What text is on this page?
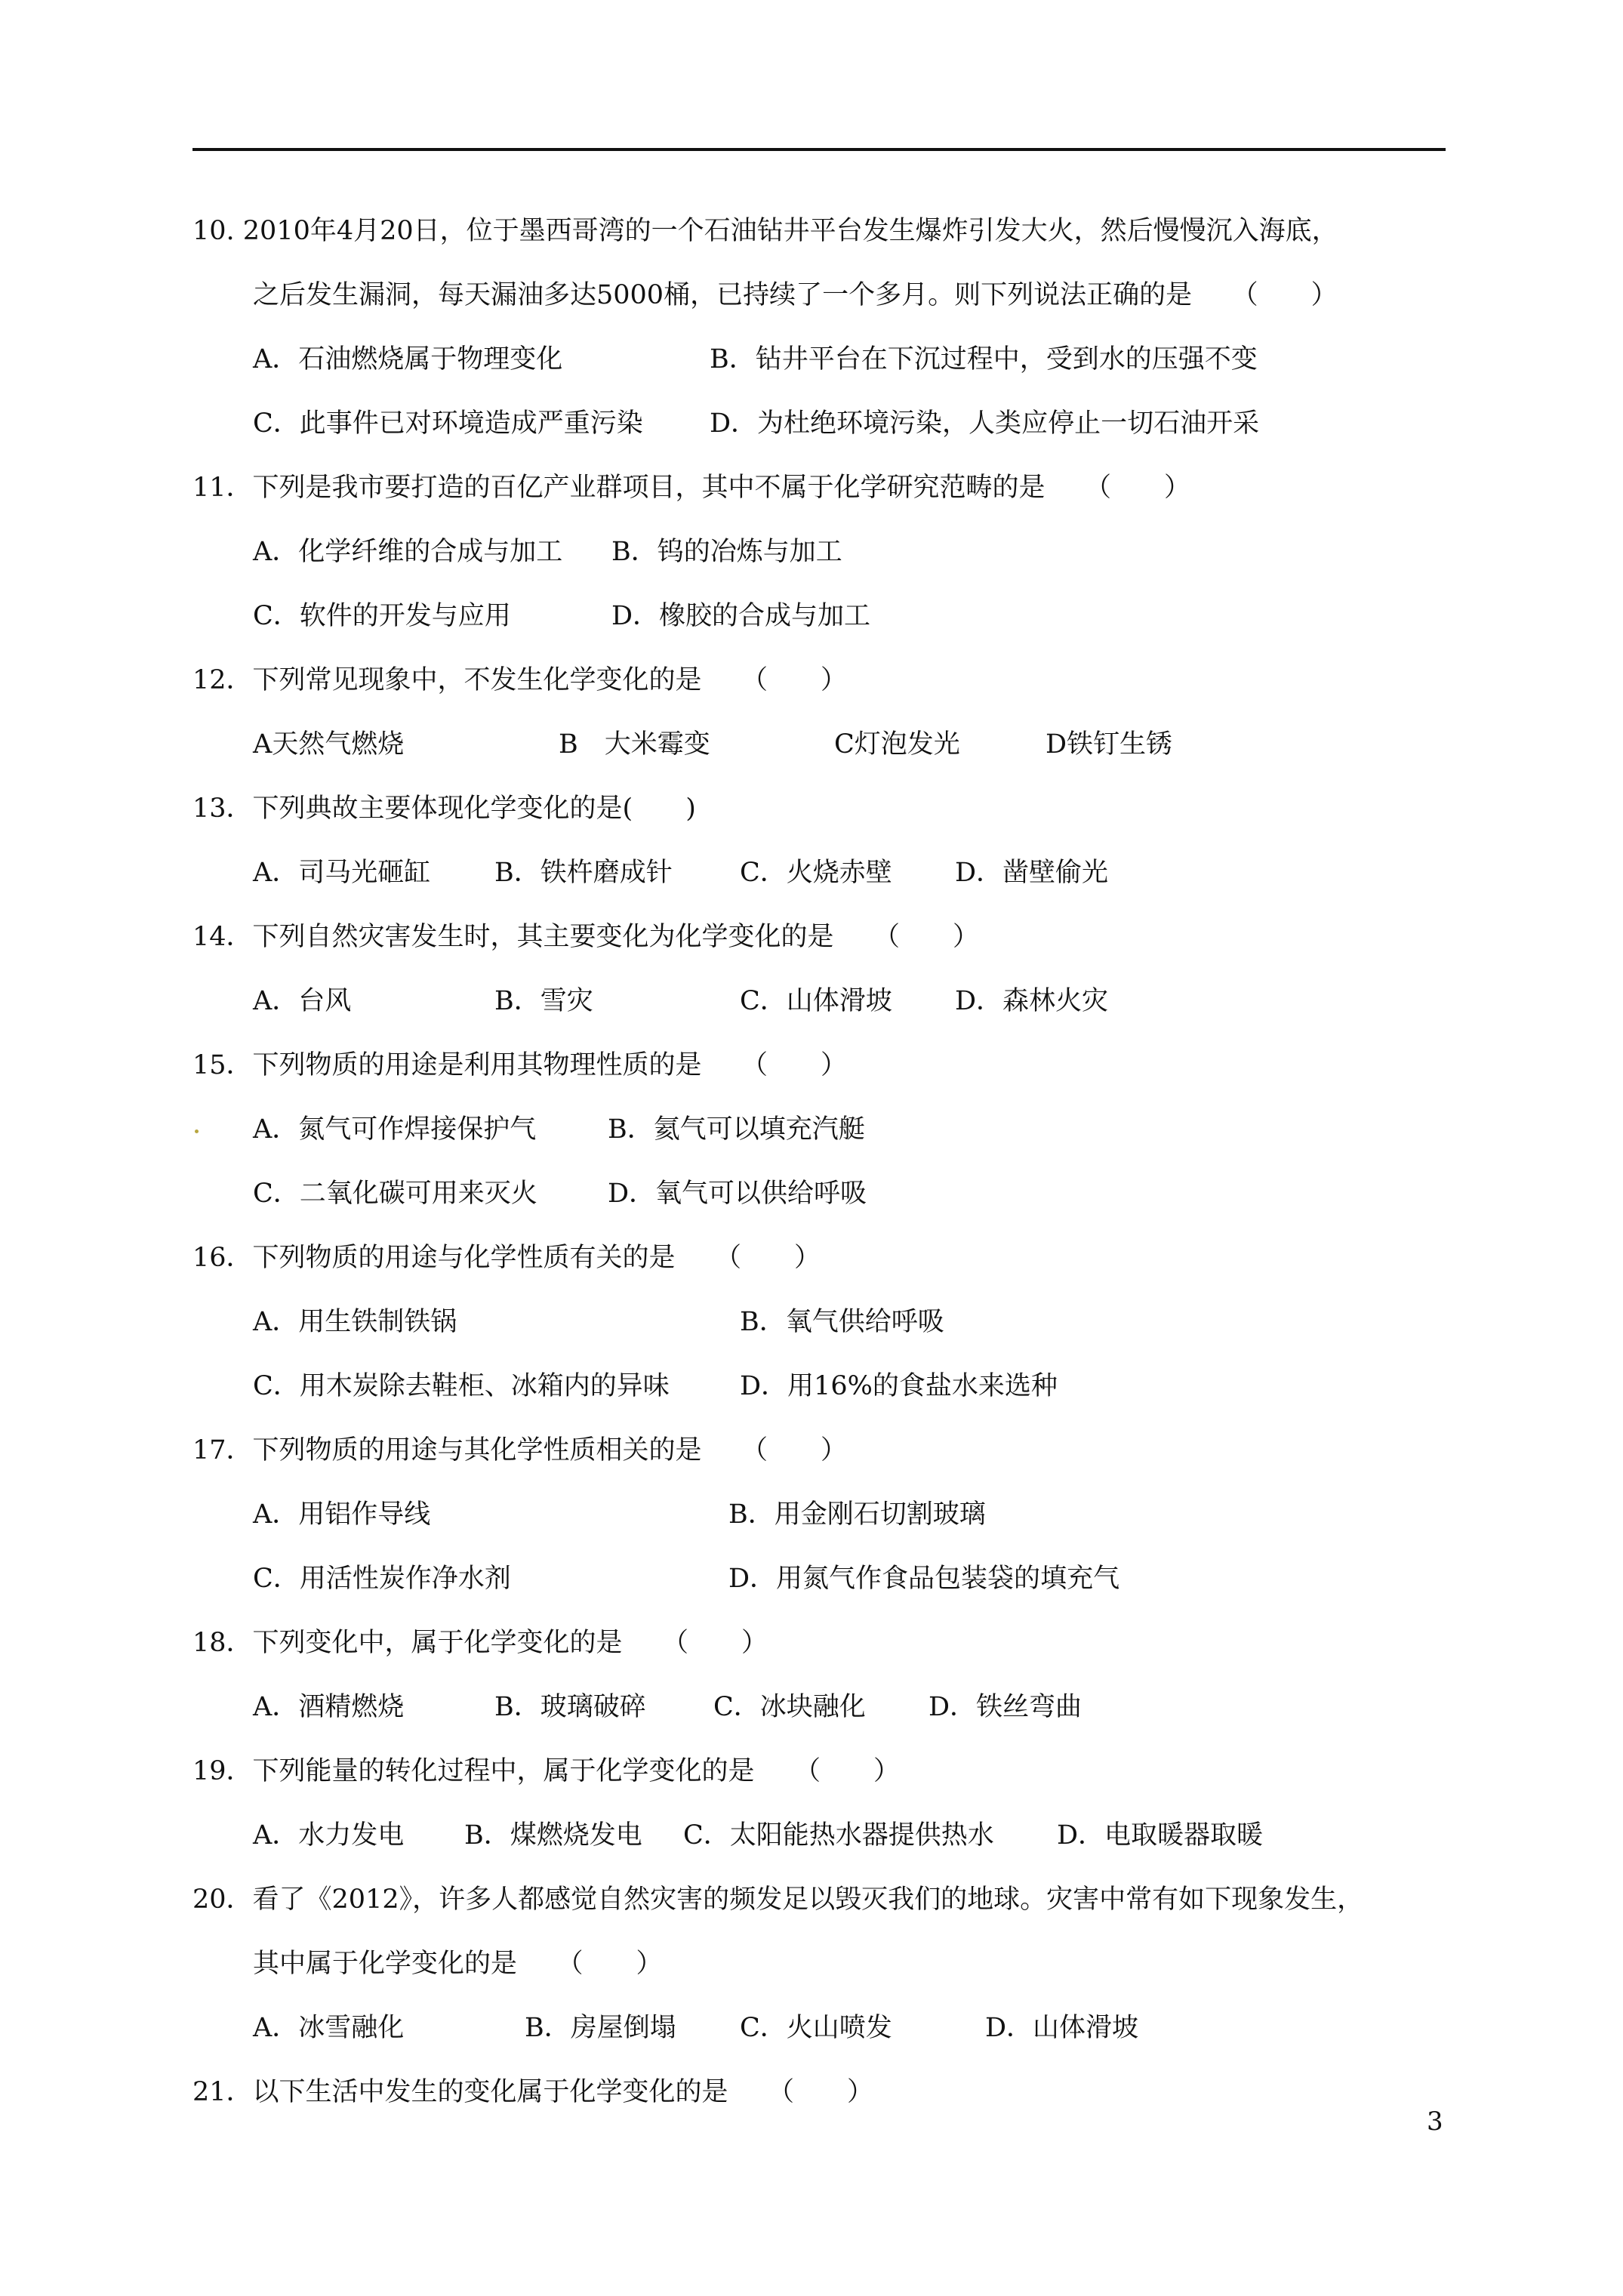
10. 2010年4月20日，位于墨西哥湾的一个石油钻井平台发生爆炸引发大火，然后慢慢沉入海底，
之后发生漏洞，每天漏油多达5000桶，已持续了一个多月。则下列说法正确的是　　（　　）
A．石油燃烧属于物理变化	B．钻井平台在下沉过程中，受到水的压强不变
C．此事件已对环境造成严重污染	D．为杜绝环境污染，人类应停止一切石油开采
11．下列是我市要打造的百亿产业群项目，其中不属于化学研究范畴的是　　（　　）
A．化学纤维的合成与加工 B．钨的冶炼与加工
C．软件的开发与应用	D．橡胶的合成与加工
12．下列常见现象中，不发生化学变化的是　　（　　）
A天然气燃烧	B　大米霉变	C灯泡发光	D铁钉生锈
13．下列典故主要体现化学变化的是(　　)
A．司马光砸缸 B．铁杵磨成针	C．火烧赤壁 D．凿壁偷光
14．下列自然灾害发生时，其主要变化为化学变化的是　　（　　）
A．台风	B．雪灾	C．山体滑坡 D．森林火灾
15．下列物质的用途是利用其物理性质的是　　（　　）
A．氮气可作焊接保护气	B．氦气可以填充汽艇
C．二氧化碳可用来灭火	D．氧气可以供给呼吸
16．下列物质的用途与化学性质有关的是　　（　　）
A．用生铁制铁锅	B．氧气供给呼吸
C．用木炭除去鞋柜、冰箱内的异味	D．用16%的食盐水来选种
17．下列物质的用途与其化学性质相关的是　　（　　）
A．用铝作导线	B．用金刚石切割玻璃
C．用活性炭作净水剂	D．用氮气作食品包装袋的填充气
18．下列变化中，属于化学变化的是　　（　　）
A．酒精燃烧	B．玻璃破碎	C．冰块融化 D．铁丝弯曲
19．下列能量的转化过程中，属于化学变化的是　　（　　）
A．水力发电 B．煤燃烧发电 C．太阳能热水器提供热水 D．电取暖器取暖
20．看了《2012》，许多人都感觉自然灾害的频发足以毁灭我们的地球。灾害中常有如下现象发生，
其中属于化学变化的是　　（　　）
A．冰雪融化	B．房屋倒塌 C．火山喷发	D．山体滑坡
21．以下生活中发生的变化属于化学变化的是　　（　　）
3
